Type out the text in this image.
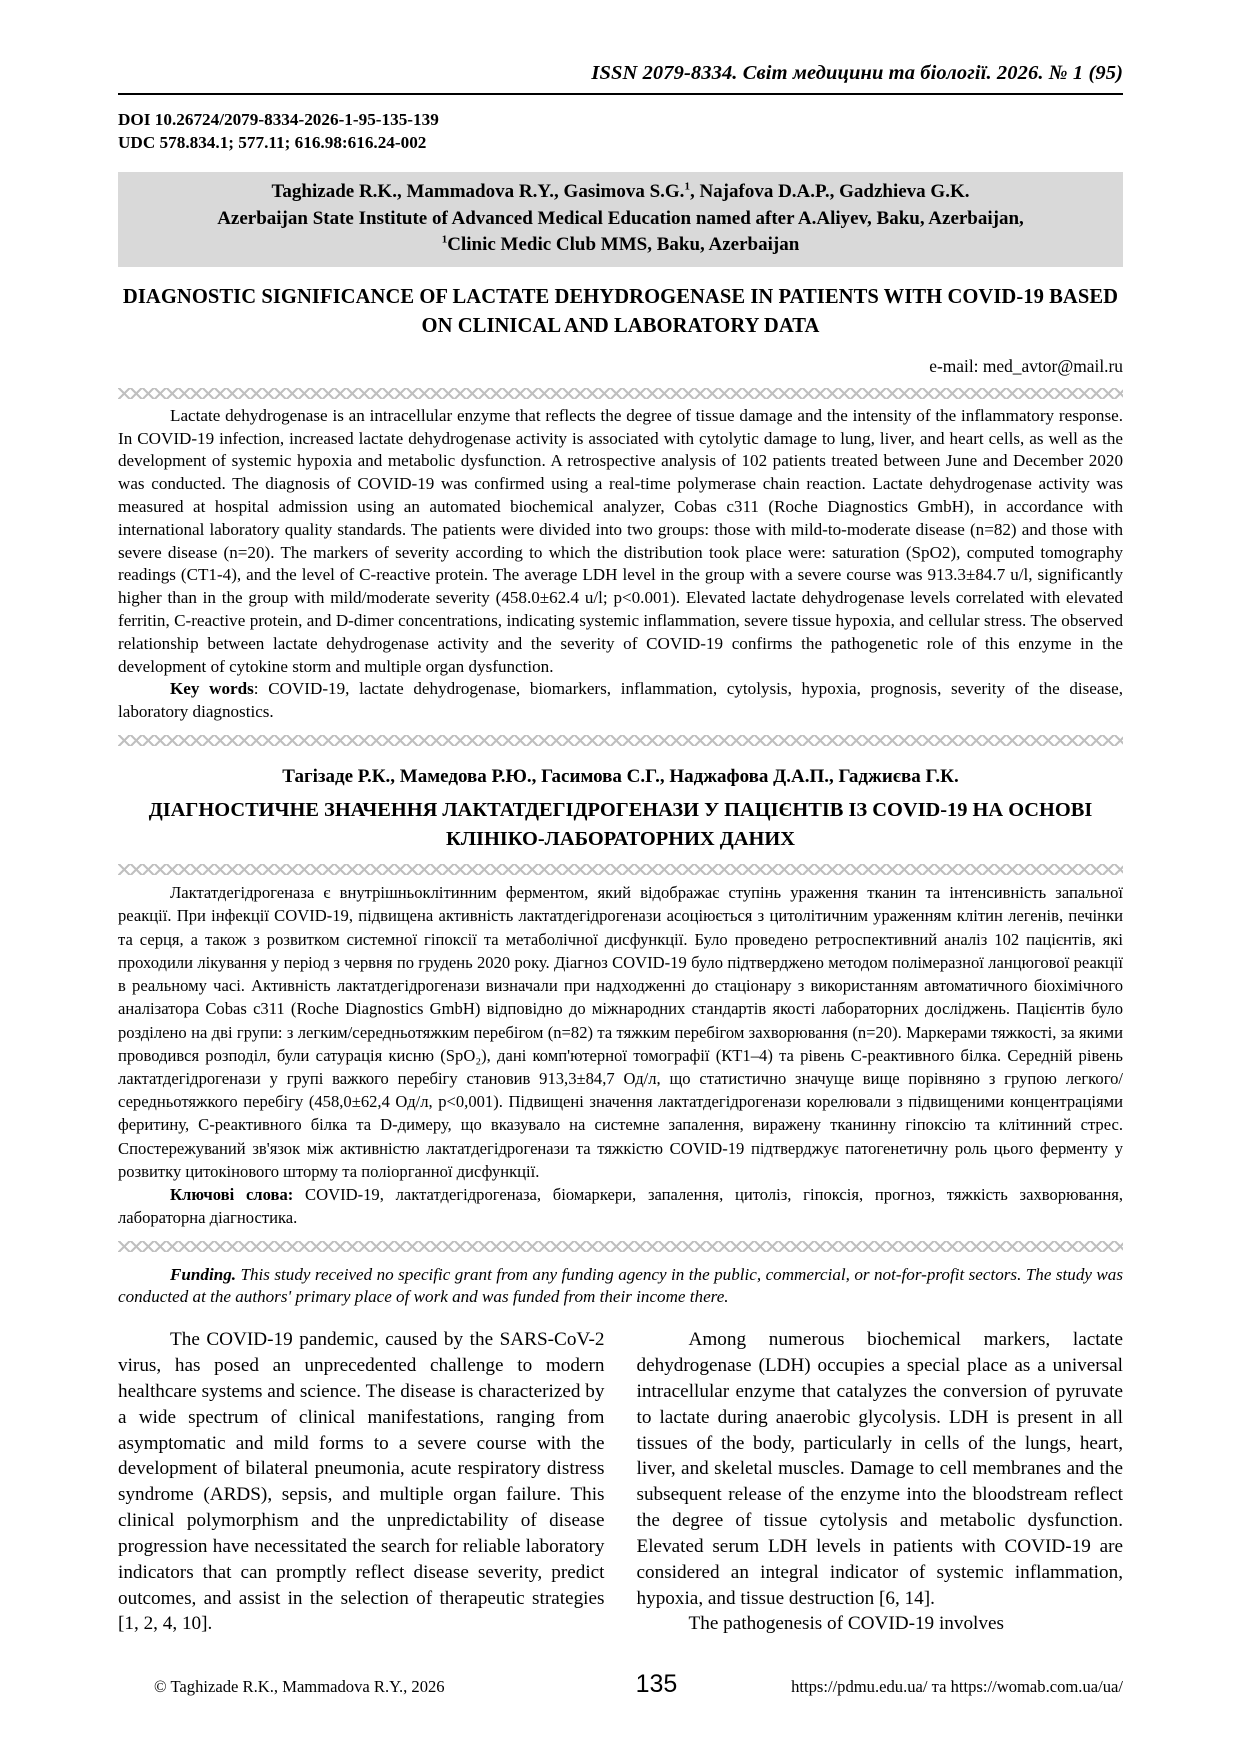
ISSN 2079-8334. Світ медицини та біології. 2026. № 1 (95)
DOI 10.26724/2079-8334-2026-1-95-135-139
UDC 578.834.1; 577.11; 616.98:616.24-002
Taghizade R.K., Mammadova R.Y., Gasimova S.G.$^1$, Najafova D.A.P., Gadzhieva G.K.
Azerbaijan State Institute of Advanced Medical Education named after A.Aliyev, Baku, Azerbaijan,
$^1$Clinic Medic Club MMS, Baku, Azerbaijan
DIAGNOSTIC SIGNIFICANCE OF LACTATE DEHYDROGENASE IN PATIENTS WITH COVID-19 BASED ON CLINICAL AND LABORATORY DATA
e-mail: med_avtor@mail.ru
Lactate dehydrogenase is an intracellular enzyme that reflects the degree of tissue damage and the intensity of the inflammatory response. In COVID-19 infection, increased lactate dehydrogenase activity is associated with cytolytic damage to lung, liver, and heart cells, as well as the development of systemic hypoxia and metabolic dysfunction. A retrospective analysis of 102 patients treated between June and December 2020 was conducted. The diagnosis of COVID-19 was confirmed using a real-time polymerase chain reaction. Lactate dehydrogenase activity was measured at hospital admission using an automated biochemical analyzer, Cobas c311 (Roche Diagnostics GmbH), in accordance with international laboratory quality standards. The patients were divided into two groups: those with mild-to-moderate disease (n=82) and those with severe disease (n=20). The markers of severity according to which the distribution took place were: saturation (SpO2), computed tomography readings (CT1-4), and the level of C-reactive protein. The average LDH level in the group with a severe course was 913.3±84.7 u/l, significantly higher than in the group with mild/moderate severity (458.0±62.4 u/l; p<0.001). Elevated lactate dehydrogenase levels correlated with elevated ferritin, C-reactive protein, and D-dimer concentrations, indicating systemic inflammation, severe tissue hypoxia, and cellular stress. The observed relationship between lactate dehydrogenase activity and the severity of COVID-19 confirms the pathogenetic role of this enzyme in the development of cytokine storm and multiple organ dysfunction.
Key words: COVID-19, lactate dehydrogenase, biomarkers, inflammation, cytolysis, hypoxia, prognosis, severity of the disease, laboratory diagnostics.
Тагізаде Р.К., Мамедова Р.Ю., Гасимова С.Г., Наджафова Д.А.П., Гаджиєва Г.К.
ДІАГНОСТИЧНЕ ЗНАЧЕННЯ ЛАКТАТДЕГІДРОГЕНАЗИ У ПАЦІЄНТІВ ІЗ COVID-19 НА ОСНОВІ КЛІНІКО-ЛАБОРАТОРНИХ ДАНИХ
Лактатдегідрогеназа є внутрішньоклітинним ферментом, який відображає ступінь ураження тканин та інтенсивність запальної реакції. При інфекції COVID-19, підвищена активність лактатдегідрогенази асоціюється з цитолітичним ураженням клітин легенів, печінки та серця, а також з розвитком системної гіпоксії та метаболічної дисфункції. Було проведено ретроспективний аналіз 102 пацієнтів, які проходили лікування у період з червня по грудень 2020 року. Діагноз COVID-19 було підтверджено методом полімеразної ланцюгової реакції в реальному часі. Активність лактатдегідрогенази визначали при надходженні до стаціонару з використанням автоматичного біохімічного аналізатора Cobas c311 (Roche Diagnostics GmbH) відповідно до міжнародних стандартів якості лабораторних досліджень. Пацієнтів було розділено на дві групи: з легким/середньотяжким перебігом (n=82) та тяжким перебігом захворювання (n=20). Маркерами тяжкості, за якими проводився розподіл, були сатурація кисню (SpO₂), дані комп'ютерної томографії (КТ1–4) та рівень С-реактивного білка. Середній рівень лактатдегідрогенази у групі важкого перебігу становив 913,3±84,7 Од/л, що статистично значуще вище порівняно з групою легкого/середньотяжкого перебігу (458,0±62,4 Од/л, p<0,001). Підвищені значення лактатдегідрогенази корелювали з підвищеними концентраціями феритину, С-реактивного білка та D-димеру, що вказувало на системне запалення, виражену тканинну гіпоксію та клітинний стрес. Спостережуваний зв'язок між активністю лактатдегідрогенази та тяжкістю COVID-19 підтверджує патогенетичну роль цього ферменту у розвитку цитокінового шторму та поліорганної дисфункції.
Ключові слова: COVID-19, лактатдегідрогеназа, біомаркери, запалення, цитоліз, гіпоксія, прогноз, тяжкість захворювання, лабораторна діагностика.
Funding. This study received no specific grant from any funding agency in the public, commercial, or not-for-profit sectors. The study was conducted at the authors' primary place of work and was funded from their income there.

The COVID-19 pandemic, caused by the SARS-CoV-2 virus, has posed an unprecedented challenge to modern healthcare systems and science. The disease is characterized by a wide spectrum of clinical manifestations, ranging from asymptomatic and mild forms to a severe course with the development of bilateral pneumonia, acute respiratory distress syndrome (ARDS), sepsis, and multiple organ failure. This clinical polymorphism and the unpredictability of disease progression have necessitated the search for reliable laboratory indicators that can promptly reflect disease severity, predict outcomes, and assist in the selection of therapeutic strategies [1, 2, 4, 10].

Among numerous biochemical markers, lactate dehydrogenase (LDH) occupies a special place as a universal intracellular enzyme that catalyzes the conversion of pyruvate to lactate during anaerobic glycolysis. LDH is present in all tissues of the body, particularly in cells of the lungs, heart, liver, and skeletal muscles. Damage to cell membranes and the subsequent release of the enzyme into the bloodstream reflect the degree of tissue cytolysis and metabolic dysfunction. Elevated serum LDH levels in patients with COVID-19 are considered an integral indicator of systemic inflammation, hypoxia, and tissue destruction [6, 14].

The pathogenesis of COVID-19 involves

© Taghizade R.K., Mammadova R.Y., 2026	135	https://pdmu.edu.ua/ та https://womab.com.ua/ua/
